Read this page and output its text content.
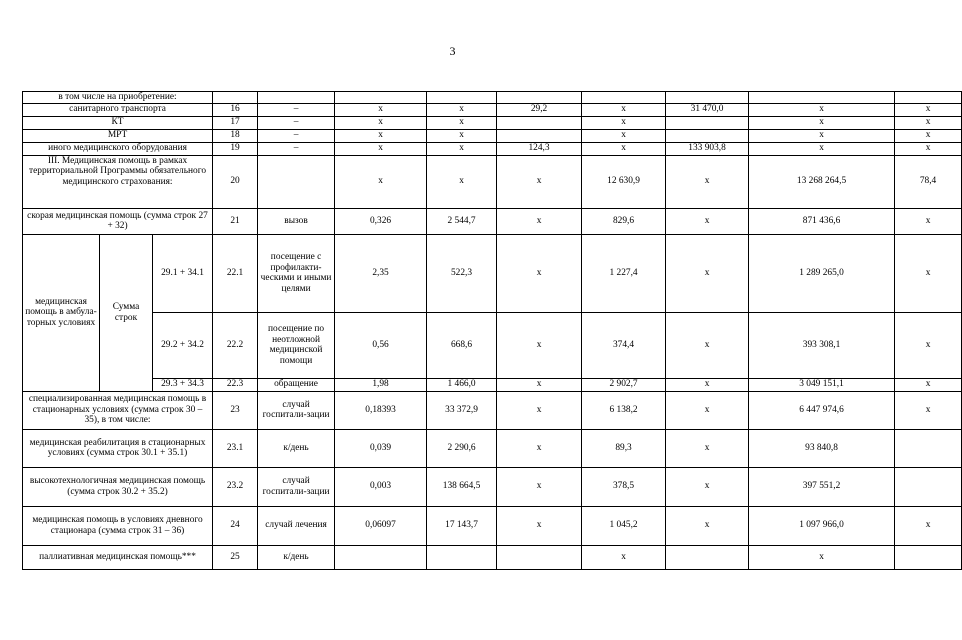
3
в том числе на приобретение:											
санитарного транспорта			16	–	х	х	29,2	х	31 470,0	х	х
КТ			17	–	х	х		х		х	х
МРТ			18	–	х	х		х		х	х
иного медицинского оборудования			19	–	х	х	124,3	х	133 903,8	х	х
III. Медицинская помощь в рамках территориальной Программы обязательного медицинского страхования:			20		х	х	х	12 630,9	х	13 268 264,5	78,4
скорая медицинская помощь (сумма строк 27 + 32)			21	вызов	0,326	2 544,7	х	829,6	х	871 436,6	х
медицинская помощь в амбула-торных условиях	Сумма строк	29.1 + 34.1	22.1	посещение с профилакти-ческими и иными целями	2,35	522,3	х	1 227,4	х	1 289 265,0	х
		29.2 + 34.2	22.2	посещение по неотложной медицинской помощи	0,56	668,6	х	374,4	х	393 308,1	х
		29.3 + 34.3	22.3	обращение	1,98	1 466,0	х	2 902,7	х	3 049 151,1	х
специализированная медицинская помощь в стационарных условиях (сумма строк 30 – 35), в том числе:			23	случай госпитали-зации	0,18393	33 372,9	х	6 138,2	х	6 447 974,6	х
медицинская реабилитация в стационарных условиях (сумма строк 30.1 + 35.1)			23.1	к/день	0,039	2 290,6	х	89,3	х	93 840,8	
высокотехнологичная медицинская помощь (сумма строк 30.2 + 35.2)			23.2	случай госпитали-зации	0,003	138 664,5	х	378,5	х	397 551,2	
медицинская помощь в условиях дневного стационара (сумма строк 31 – 36)			24	случай лечения	0,06097	17 143,7	х	1 045,2	х	1 097 966,0	х
паллиативная медицинская помощь***			25	к/день				х		х	
